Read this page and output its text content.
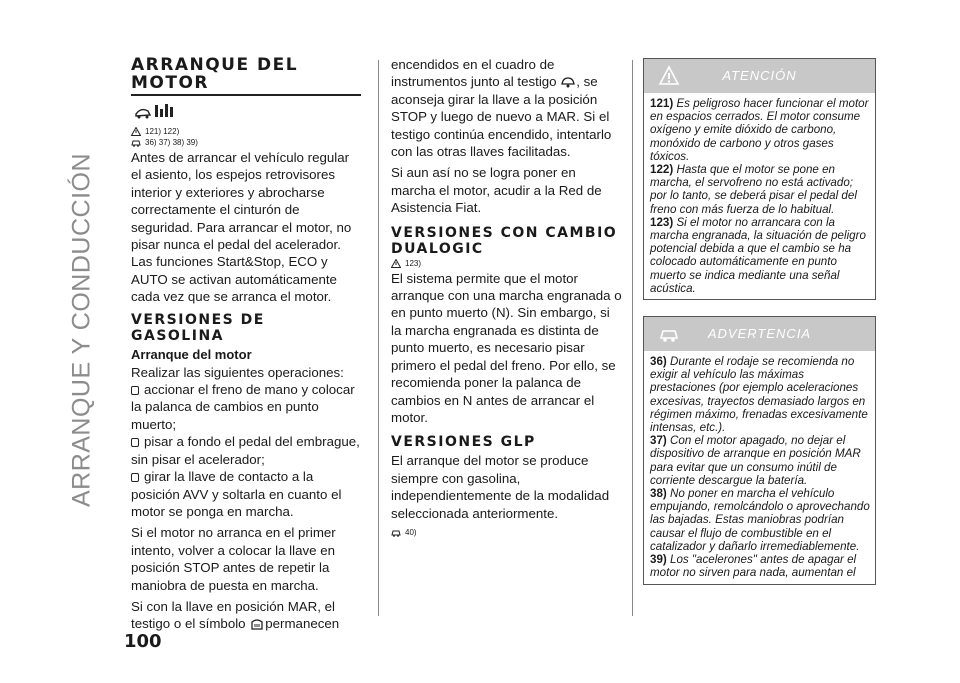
ARRANQUE Y CONDUCCIÓN
ARRANQUE DEL MOTOR
121) 122)
36) 37) 38) 39)

Antes de arrancar el vehículo regular el asiento, los espejos retrovisores interior y exteriores y abrocharse correctamente el cinturón de seguridad. Para arrancar el motor, no pisar nunca el pedal del acelerador. Las funciones Start&Stop, ECO y AUTO se activan automáticamente cada vez que se arranca el motor.

VERSIONES DE GASOLINA
Arranque del motor

Realizar las siguientes operaciones:

accionar el freno de mano y colocar la palanca de cambios en punto muerto;

pisar a fondo el pedal del embrague, sin pisar el acelerador;

girar la llave de contacto a la posición AVV y soltarla en cuanto el motor se ponga en marcha.

Si el motor no arranca en el primer intento, volver a colocar la llave en posición STOP antes de repetir la maniobra de puesta en marcha.

Si con la llave en posición MAR, el testigo o el símbolo permanecen

encendidos en el cuadro de instrumentos junto al testigo , se aconseja girar la llave a la posición STOP y luego de nuevo a MAR. Si el testigo continúa encendido, intentarlo con las otras llaves facilitadas.

Si aun así no se logra poner en marcha el motor, acudir a la Red de Asistencia Fiat.

VERSIONES CON CAMBIO DUALOGIC
123)

El sistema permite que el motor arranque con una marcha engranada o en punto muerto (N). Sin embargo, si la marcha engranada es distinta de punto muerto, es necesario pisar primero el pedal del freno. Por ello, se recomienda poner la palanca de cambios en N antes de arrancar el motor.

VERSIONES GLP

El arranque del motor se produce siempre con gasolina, independientemente de la modalidad seleccionada anteriormente.

40)
ATENCIÓN

121) Es peligroso hacer funcionar el motor en espacios cerrados. El motor consume oxígeno y emite dióxido de carbono, monóxido de carbono y otros gases tóxicos.

122) Hasta que el motor se pone en marcha, el servofreno no está activado; por lo tanto, se deberá pisar el pedal del freno con más fuerza de lo habitual.

123) Si el motor no arrancara con la marcha engranada, la situación de peligro potencial debida a que el cambio se ha colocado automáticamente en punto muerto se indica mediante una señal acústica.

ADVERTENCIA

36) Durante el rodaje se recomienda no exigir al vehículo las máximas prestaciones (por ejemplo aceleraciones excesivas, trayectos demasiado largos en régimen máximo, frenadas excesivamente intensas, etc.).

37) Con el motor apagado, no dejar el dispositivo de arranque en posición MAR para evitar que un consumo inútil de corriente descargue la batería.

38) No poner en marcha el vehículo empujando, remolcándolo o aprovechando las bajadas. Estas maniobras podrían causar el flujo de combustible en el catalizador y dañarlo irremediablemente.

39) Los "acelerones" antes de apagar el motor no sirven para nada, aumentan el

100
